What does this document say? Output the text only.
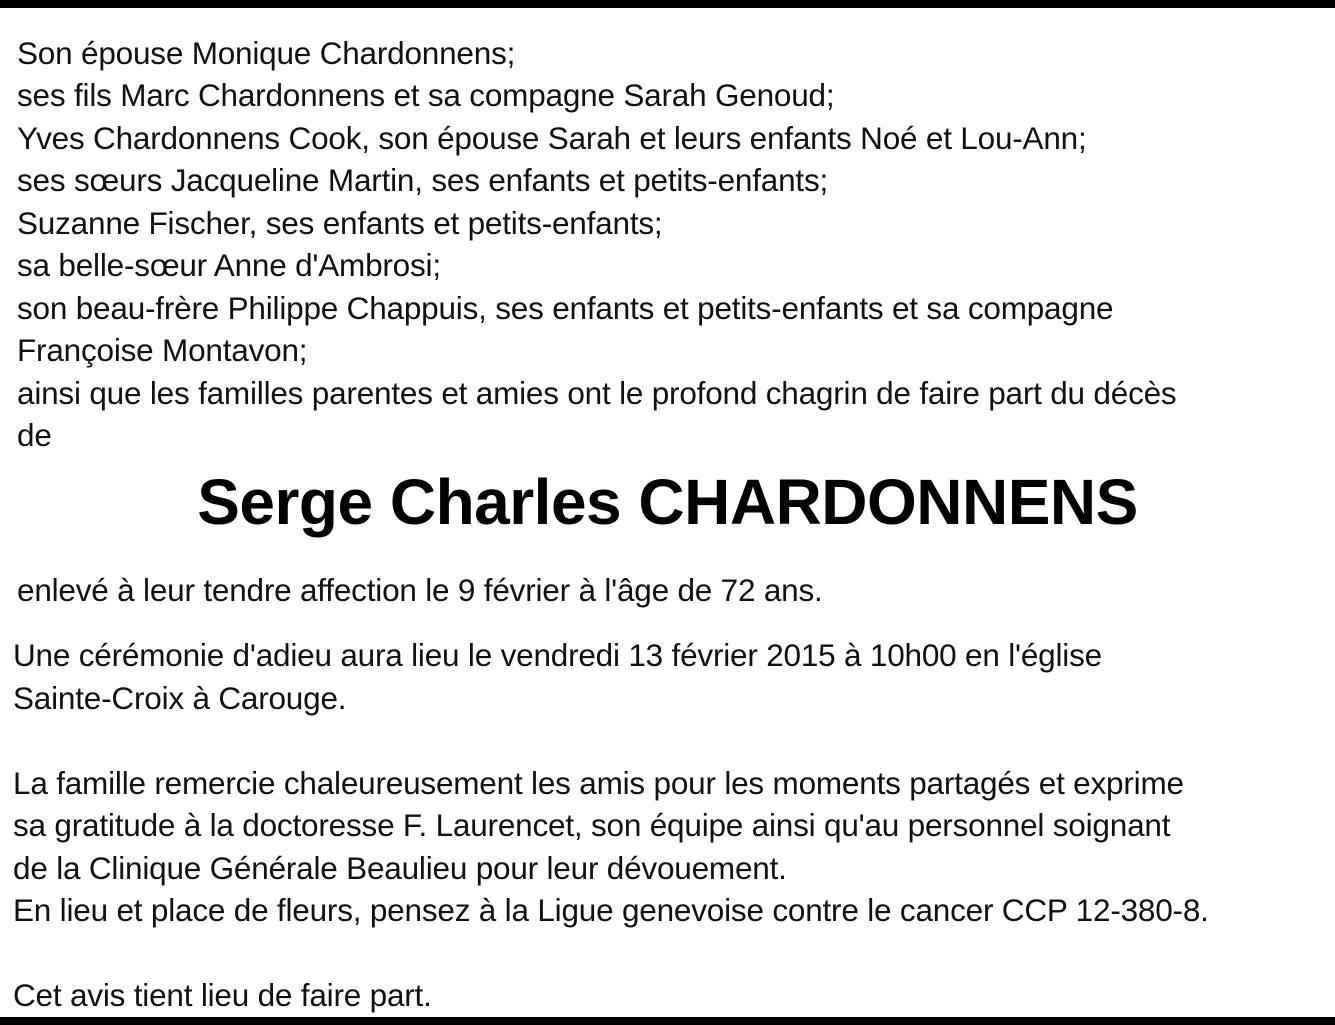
Son épouse Monique Chardonnens;
ses fils Marc Chardonnens et sa compagne Sarah Genoud;
Yves Chardonnens Cook, son épouse Sarah et leurs enfants Noé et Lou-Ann;
ses sœurs Jacqueline Martin, ses enfants et petits-enfants;
Suzanne Fischer, ses enfants et petits-enfants;
sa belle-sœur Anne d'Ambrosi;
son beau-frère Philippe Chappuis, ses enfants et petits-enfants et sa compagne
Françoise Montavon;
ainsi que les familles parentes et amies ont le profond chagrin de faire part du décès
de
Serge Charles CHARDONNENS
enlevé à leur tendre affection le 9 février à l'âge de 72 ans.
Une cérémonie d'adieu aura lieu le vendredi 13 février 2015 à 10h00 en l'église
Sainte-Croix à Carouge.
La famille remercie chaleureusement les amis pour les moments partagés et exprime
sa gratitude à la doctoresse F. Laurencet, son équipe ainsi qu'au personnel soignant
de la Clinique Générale Beaulieu pour leur dévouement.
En lieu et place de fleurs, pensez à la Ligue genevoise contre le cancer CCP 12-380-8.
Cet avis tient lieu de faire part.
